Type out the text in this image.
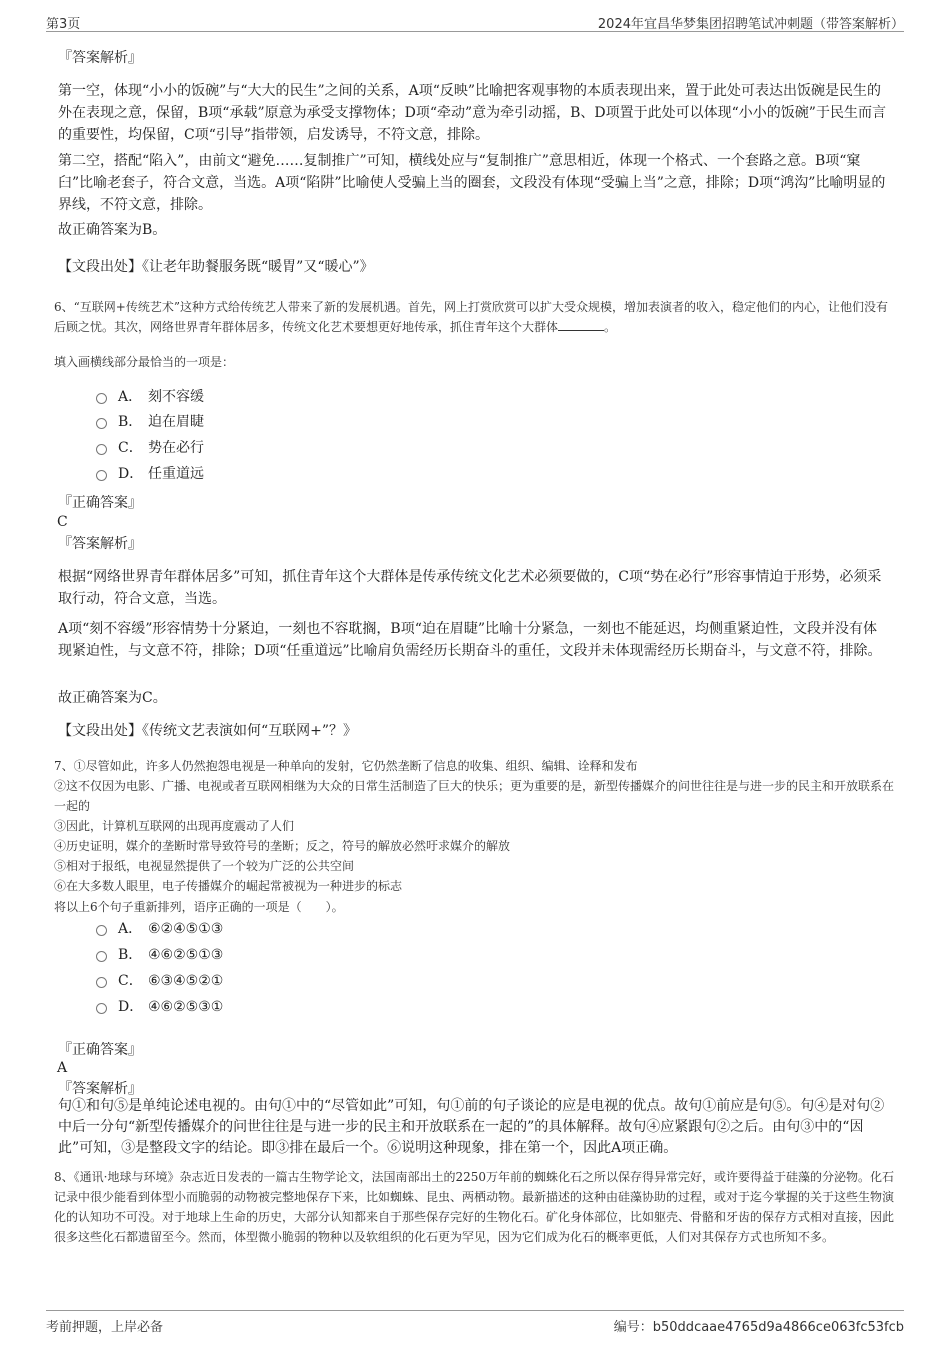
第3页	2024年宜昌华梦集团招聘笔试冲刺题（带答案解析）
『答案解析』

第一空，体现“小小的饭碗”与“大大的民生”之间的关系，A项“反映”比喻把客观事物的本质表现出来，置于此处可表达出饭碗是民生的外在表现之意，保留，B项“承载”原意为承受支撑物体；D项“牵动”意为牵引动摇，B、D项置于此处可以体现“小小的饭碗”于民生而言的重要性，均保留，C项“引导”指带领，启发诱导，不符文意，排除。

第二空，搭配“陷入”，由前文“避免……复制推广”可知，横线处应与“复制推广”意思相近，体现一个格式、一个套路之意。B项“窠臼”比喻老套子，符合文意，当选。A项“陷阱”比喻使人受骗上当的圈套，文段没有体现“受骗上当”之意，排除；D项“鸿沟”比喻明显的界线，不符文意，排除。

故正确答案为B。

【文段出处】《让老年助餐服务既“暖胃”又“暖心”》

6、“互联网+传统艺术”这种方式给传统艺人带来了新的发展机遇。首先，网上打赏欣赏可以扩大受众规模，增加表演者的收入，稳定他们的内心，让他们没有后顾之忧。其次，网络世界青年群体居多，传统文化艺术要想更好地传承，抓住青年这个大群体	。

填入画横线部分最恰当的一项是：

A． 刻不容缓
B． 迫在眉睫
C． 势在必行
D． 任重道远
『正确答案』
C
『答案解析』

根据“网络世界青年群体居多”可知，抓住青年这个大群体是传承传统文化艺术必须要做的，C项“势在必行”形容事情迫于形势，必须采取行动，符合文意，当选。

A项“刻不容缓”形容情势十分紧迫，一刻也不容耽搁，B项“迫在眉睫”比喻十分紧急，一刻也不能延迟，均侧重紧迫性，文段并没有体现紧迫性，与文意不符，排除；D项“任重道远”比喻肩负需经历长期奋斗的重任，文段并未体现需经历长期奋斗，与文意不符，排除。

故正确答案为C。

【文段出处】《传统文艺表演如何“互联网+”？》

7、①尽管如此，许多人仍然抱怨电视是一种单向的发射，它仍然垄断了信息的收集、组织、编辑、诠释和发布

②这不仅因为电影、广播、电视或者互联网相继为大众的日常生活制造了巨大的快乐；更为重要的是，新型传播媒介的问世往往是与进一步的民主和开放联系在一起的

③因此，计算机互联网的出现再度震动了人们

④历史证明，媒介的垄断时常导致符号的垄断；反之，符号的解放必然吁求媒介的解放

⑤相对于报纸，电视显然提供了一个较为广泛的公共空间

⑥在大多数人眼里，电子传播媒介的崛起常被视为一种进步的标志

将以上6个句子重新排列，语序正确的一项是（　　）。

A． ⑥②④⑤①③
B． ④⑥②⑤①③
C． ⑥③④⑤②①
D． ④⑥②⑤③①
『正确答案』
A
『答案解析』

句①和句⑤是单纯论述电视的。由句①中的“尽管如此”可知，句①前的句子谈论的应是电视的优点。故句①前应是句⑤。句④是对句②中后一分句“新型传播媒介的问世往往是与进一步的民主和开放联系在一起的”的具体解释。故句④应紧跟句②之后。由句③中的“因此”可知，③是整段文字的结论。即③排在最后一个。⑥说明这种现象，排在第一个，因此A项正确。

8、《通讯·地球与环境》杂志近日发表的一篇古生物学论文，法国南部出土的2250万年前的蜘蛛化石之所以保存得异常完好，或许要得益于硅藻的分泌物。化石记录中很少能看到体型小而脆弱的动物被完整地保存下来，比如蜘蛛、昆虫、两栖动物。最新描述的这种由硅藻协助的过程，或对于迄今掌握的关于这些生物演化的认知功不可没。对于地球上生命的历史，大部分认知都来自于那些保存完好的生物化石。矿化身体部位，比如躯壳、骨骼和牙齿的保存方式相对直接，因此很多这些化石都遗留至今。然而，体型微小脆弱的物种以及软组织的化石更为罕见，因为它们成为化石的概率更低，人们对其保存方式也所知不多。

考前押题，上岸必备	编号：b50ddcaae4765d9a4866ce063fc53fcb
